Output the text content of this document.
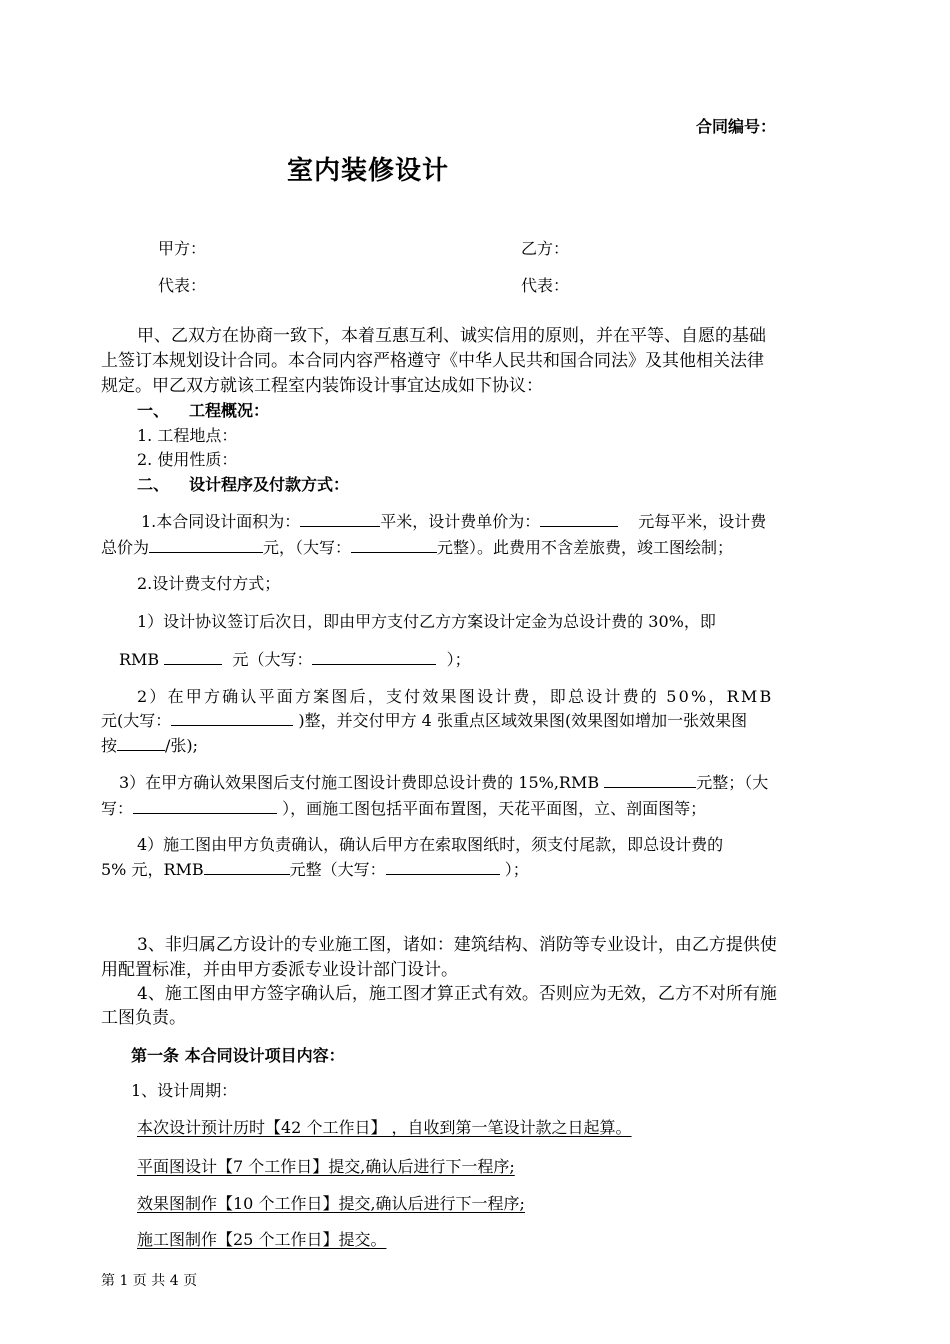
合同编号：
室内装修设计
甲方：	乙方：
代表：	代表：
甲、乙双方在协商一致下，本着互惠互利、诚实信用的原则，并在平等、自愿的基础
上签订本规划设计合同。本合同内容严格遵守《中华人民共和国合同法》及其他相关法律
规定。甲乙双方就该工程室内装饰设计事宜达成如下协议：
一、 工程概况：
1. 工程地点：
2. 使用性质：
二、 设计程序及付款方式：
1.本合同设计面积为：	平米，设计费单价为：	元每平米，设计费
总价为	元，（大写：	元整）。此费用不含差旅费，竣工图绘制；
2.设计费支付方式；
1）设计协议签订后次日，即由甲方支付乙方方案设计定金为总设计费的 30%，即
RMB	元（大写：	）；
2）在甲方确认平面方案图后，支付效果图设计费，即总设计费的 50%，RMB
元(大写：	)整，并交付甲方 4 张重点区域效果图(效果图如增加一张效果图
按	/张);
3）在甲方确认效果图后支付施工图设计费即总设计费的 15%,RMB	元整；（大
写：	），画施工图包括平面布置图，天花平面图，立、剖面图等；
4）施工图由甲方负责确认，确认后甲方在索取图纸时，须支付尾款，即总设计费的
5% 元，RMB	元整（大写：	）；
3、非归属乙方设计的专业施工图，诸如：建筑结构、消防等专业设计，由乙方提供使
用配置标准，并由甲方委派专业设计部门设计。
4、施工图由甲方签字确认后，施工图才算正式有效。否则应为无效，乙方不对所有施
工图负责。
第一条 本合同设计项目内容：
1、设计周期：
本次设计预计历时【42 个工作日】 ，自收到第一笔设计款之日起算。
平面图设计【7 个工作日】提交,确认后进行下一程序;
效果图制作【10 个工作日】提交,确认后进行下一程序;
施工图制作【25 个工作日】提交。
第 1 页 共 4 页
